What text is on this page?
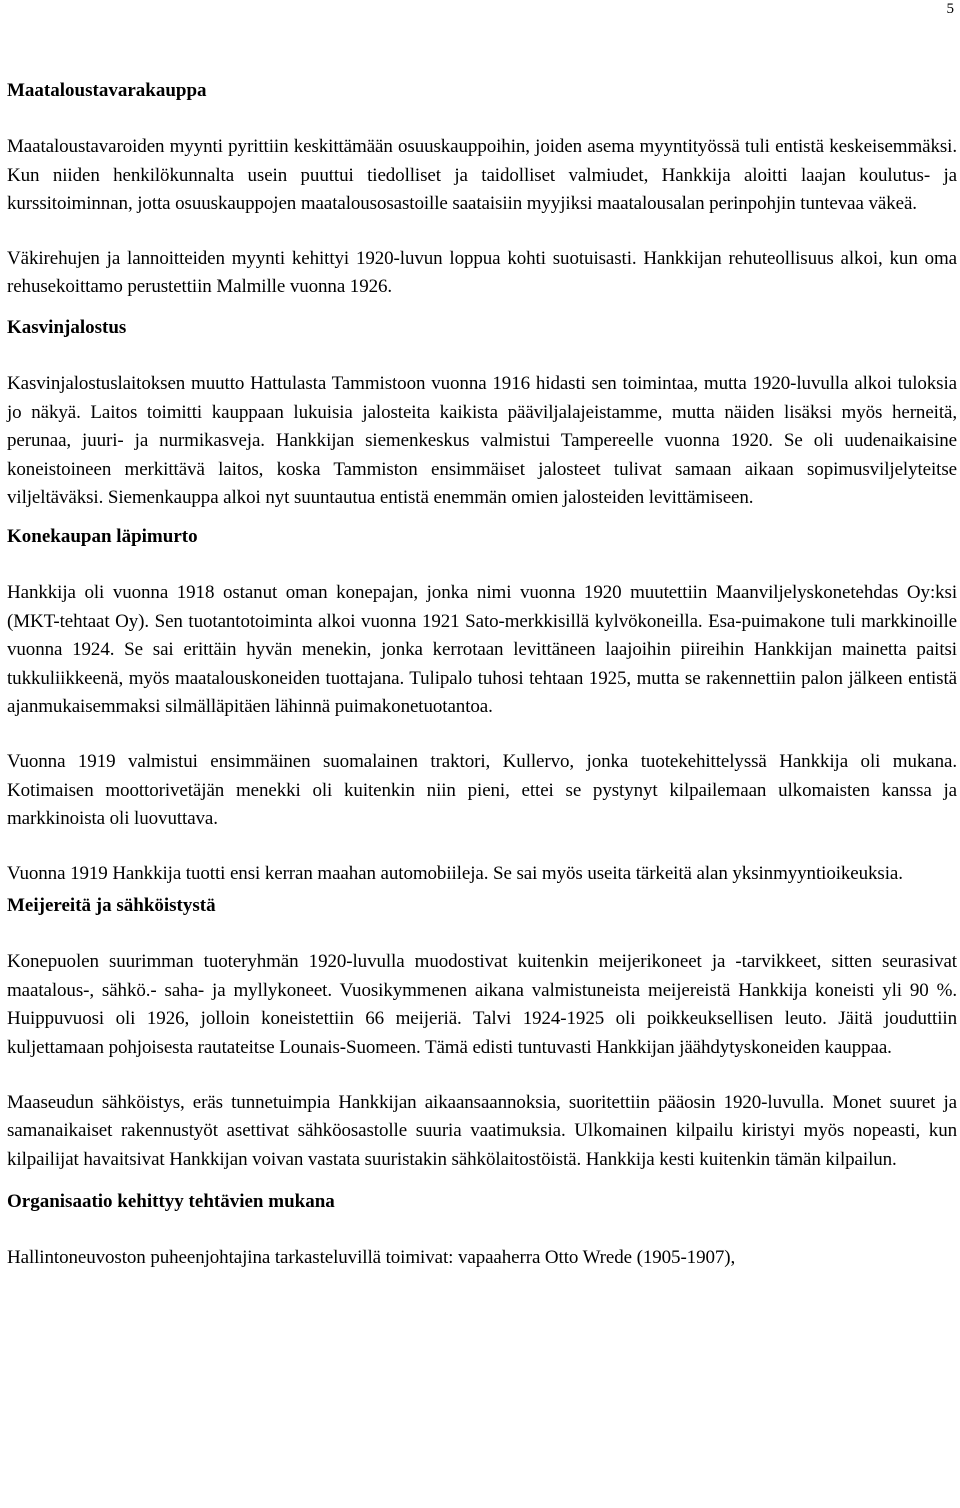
5
Maataloustavarakauppa

Maataloustavaroiden myynti pyrittiin keskittämään osuuskauppoihin, joiden asema myyntityössä tuli entistä keskeisemmäksi. Kun niiden henkilökunnalta usein puuttui tiedolliset ja taidolliset valmiudet, Hankkija aloitti laajan koulutus- ja kurssitoiminnan, jotta osuuskauppojen maatalousosastoille saataisiin myyjiksi maatalousalan perinpohjin tuntevaa väkeä.

Väkirehujen ja lannoitteiden myynti kehittyi 1920-luvun loppua kohti suotuisasti. Hankkijan rehuteollisuus alkoi, kun oma rehusekoittamo perustettiin Malmille vuonna 1926.

Kasvinjalostus

Kasvinjalostuslaitoksen muutto Hattulasta Tammistoon vuonna 1916 hidasti sen toimintaa, mutta 1920-luvulla alkoi tuloksia jo näkyä. Laitos toimitti kauppaan lukuisia jalosteita kaikista pääviljalajeistamme, mutta näiden lisäksi myös herneitä, perunaa, juuri- ja nurmikasveja. Hankkijan siemenkeskus valmistui Tampereelle vuonna 1920. Se oli uudenaikaisine koneistoineen merkittävä laitos, koska Tammiston ensimmäiset jalosteet tulivat samaan aikaan sopimusviljelyteitse viljeltäväksi. Siemenkauppa alkoi nyt suuntautua entistä enemmän omien jalosteiden levittämiseen.

Konekaupan läpimurto

Hankkija oli vuonna 1918 ostanut oman konepajan, jonka nimi vuonna 1920 muutettiin Maanviljelyskonetehdas Oy:ksi (MKT-tehtaat Oy). Sen tuotantotoiminta alkoi vuonna 1921 Sato-merkkisillä kylvökoneilla. Esa-puimakone tuli markkinoille vuonna 1924. Se sai erittäin hyvän menekin, jonka kerrotaan levittäneen laajoihin piireihin Hankkijan mainetta paitsi tukkuliikkeenä, myös maatalouskoneiden tuottajana. Tulipalo tuhosi tehtaan 1925, mutta se rakennettiin palon jälkeen entistä ajanmukaisemmaksi silmälläpitäen lähinnä puimakonetuotantoa.

Vuonna 1919 valmistui ensimmäinen suomalainen traktori, Kullervo, jonka tuotekehittelyssä Hankkija oli mukana. Kotimaisen moottorivetäjän menekki oli kuitenkin niin pieni, ettei se pystynyt kilpailemaan ulkomaisten kanssa ja markkinoista oli luovuttava.

Vuonna 1919 Hankkija tuotti ensi kerran maahan automobiileja. Se sai myös useita tärkeitä alan yksinmyyntioikeuksia.

Meijereitä ja sähköistystä

Konepuolen suurimman tuoteryhmän 1920-luvulla muodostivat kuitenkin meijerikoneet ja -tarvikkeet, sitten seurasivat maatalous-, sähkö.- saha- ja myllykoneet. Vuosikymmenen aikana valmistuneista meijereistä Hankkija koneisti yli 90 %. Huippuvuosi oli 1926, jolloin koneistettiin 66 meijeriä. Talvi 1924-1925 oli poikkeuksellisen leuto. Jäitä jouduttiin kuljettamaan pohjoisesta rautateitse Lounais-Suomeen. Tämä edisti tuntuvasti Hankkijan jäähdytyskoneiden kauppaa.

Maaseudun sähköistys, eräs tunnetuimpia Hankkijan aikaansaannoksia, suoritettiin pääosin 1920-luvulla. Monet suuret ja samanaikaiset rakennustyöt asettivat sähköosastolle suuria vaatimuksia. Ulkomainen kilpailu kiristyi myös nopeasti, kun kilpailijat havaitsivat Hankkijan voivan vastata suuristakin sähkölaitostöistä. Hankkija kesti kuitenkin tämän kilpailun.

Organisaatio kehittyy tehtävien mukana

Hallintoneuvoston puheenjohtajina tarkasteluvillä toimivat: vapaaherra Otto Wrede (1905-1907),
